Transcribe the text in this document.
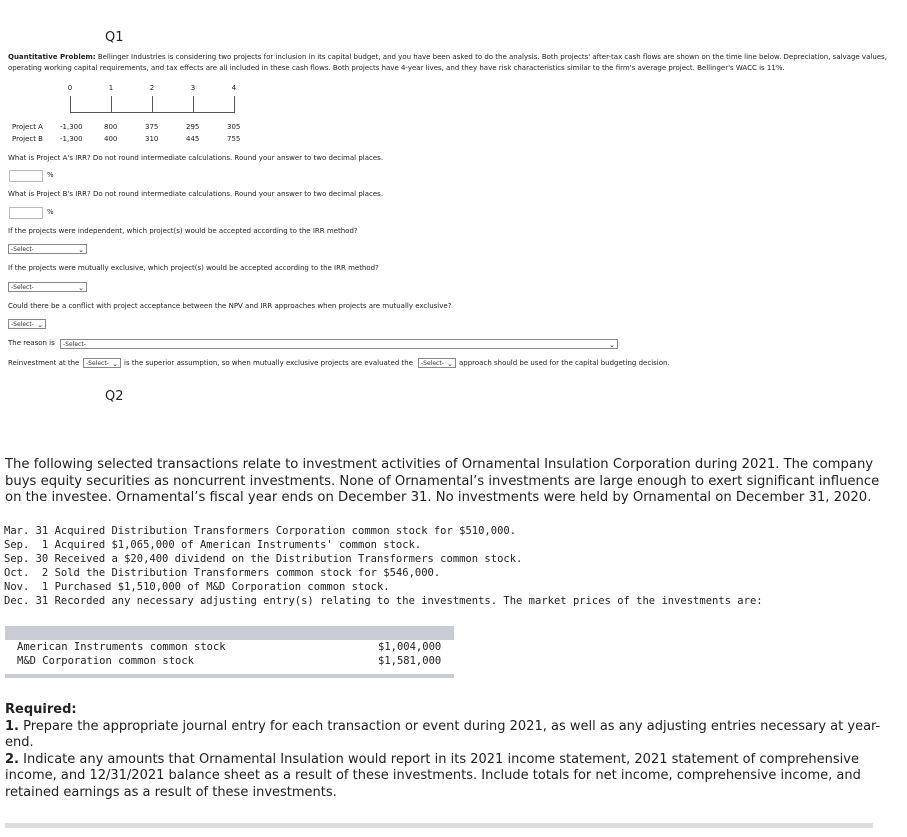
Q1
Quantitative Problem: Bellinger Industries is considering two projects for inclusion in its capital budget, and you have been asked to do the analysis. Both projects' after-tax cash flows are shown on the time line below. Depreciation, salvage values, operating working capital requirements, and tax effects are all included in these cash flows. Both projects have 4-year lives, and they have risk characteristics similar to the firm's average project. Bellinger's WACC is 11%.
0	1	2	3	4
Project A -1,300	800	375	295	305
Project B -1,300	400	310	445	755
What is Project A's IRR? Do not round intermediate calculations. Round your answer to two decimal places.
%
What is Project B's IRR? Do not round intermediate calculations. Round your answer to two decimal places.
%
If the projects were independent, which project(s) would be accepted according to the IRR method?
-Select-	⌄
If the projects were mutually exclusive, which project(s) would be accepted according to the IRR method?
-Select-	⌄
Could there be a conflict with project acceptance between the NPV and IRR approaches when projects are mutually exclusive?
-Select- ⌄
The reason is	-Select-	⌄
Reinvestment at the	-Select- ⌄ is the superior assumption, so when mutually exclusive projects are evaluated the	-Select- ⌄ approach should be used for the capital budgeting decision.
Q2
The following selected transactions relate to investment activities of Ornamental Insulation Corporation during 2021. The company buys equity securities as noncurrent investments. None of Ornamental’s investments are large enough to exert significant influence on the investee. Ornamental’s fiscal year ends on December 31. No investments were held by Ornamental on December 31, 2020.
Mar. 31 Acquired Distribution Transformers Corporation common stock for $510,000.
Sep.  1 Acquired $1,065,000 of American Instruments' common stock.
Sep. 30 Received a $20,400 dividend on the Distribution Transformers common stock.
Oct.  2 Sold the Distribution Transformers common stock for $546,000.
Nov.  1 Purchased $1,510,000 of M&D Corporation common stock.
Dec. 31 Recorded any necessary adjusting entry(s) relating to the investments. The market prices of the investments are:
American Instruments common stock	$1,004,000
M&D Corporation common stock	$1,581,000
Required:
1. Prepare the appropriate journal entry for each transaction or event during 2021, as well as any adjusting entries necessary at year-end.
2. Indicate any amounts that Ornamental Insulation would report in its 2021 income statement, 2021 statement of comprehensive income, and 12/31/2021 balance sheet as a result of these investments. Include totals for net income, comprehensive income, and retained earnings as a result of these investments.
